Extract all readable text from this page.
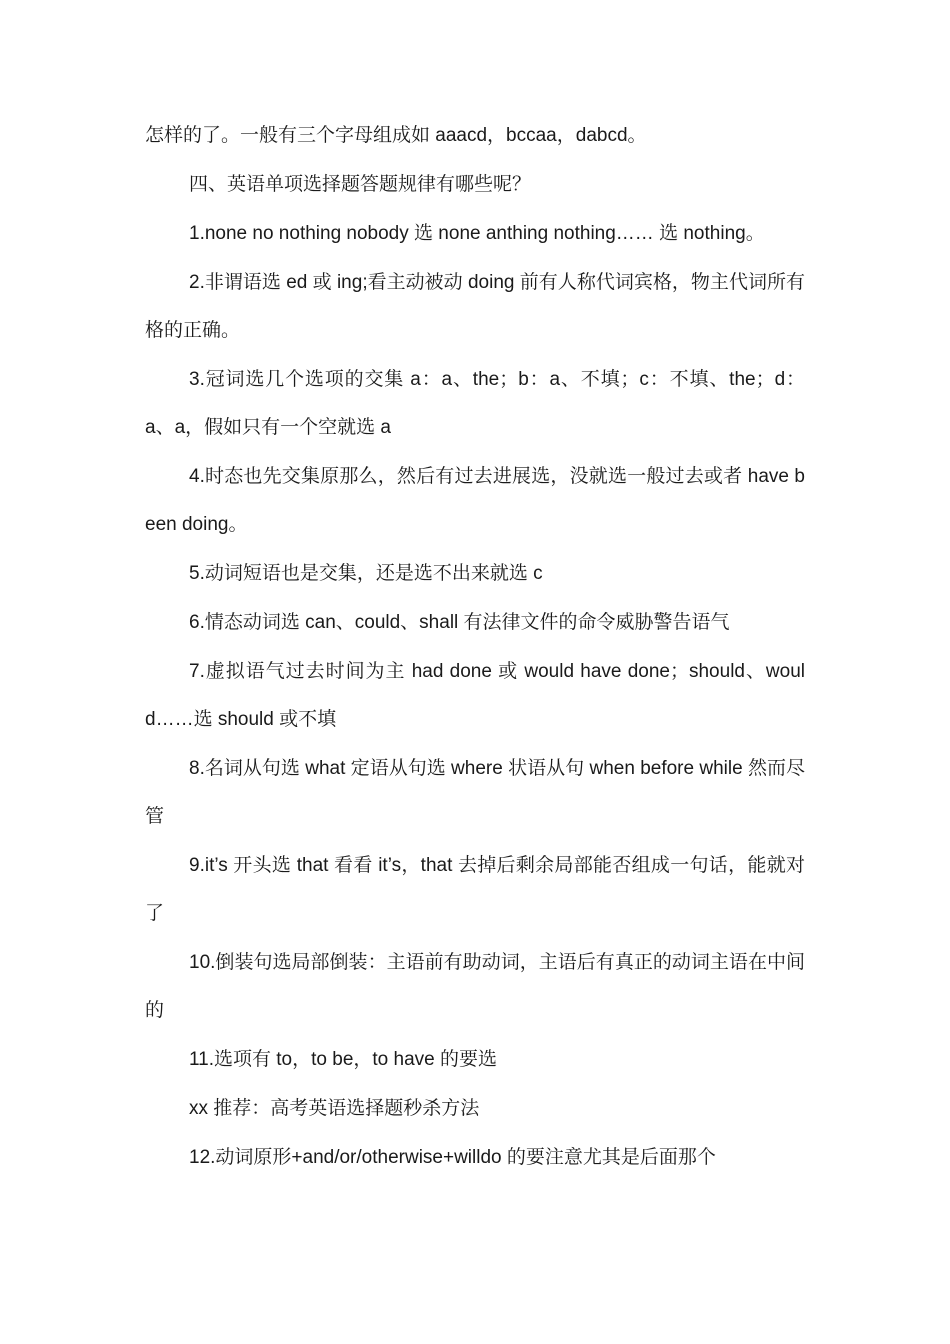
怎样的了。一般有三个字母组成如 aaacd，bccaa，dabcd。

四、英语单项选择题答题规律有哪些呢？

1.none no nothing nobody 选 none anthing nothing…… 选 nothing。

2.非谓语选 ed 或 ing;看主动被动 doing 前有人称代词宾格，物主代词所有格的正确。

3.冠词选几个选项的交集 a：a、the；b：a、不填；c：不填、the；d：a、a，假如只有一个空就选 a

4.时态也先交集原那么，然后有过去进展选，没就选一般过去或者 have been doing。

5.动词短语也是交集，还是选不出来就选 c

6.情态动词选 can、could、shall 有法律文件的命令威胁警告语气

7.虚拟语气过去时间为主 had done 或 would have done；should、would……选 should 或不填

8.名词从句选 what 定语从句选 where 状语从句 when before while 然而尽管

9.it’s 开头选 that 看看 it’s，that 去掉后剩余局部能否组成一句话，能就对了

10.倒装句选局部倒装：主语前有助动词，主语后有真正的动词主语在中间的

11.选项有 to，to be，to have 的要选

xx 推荐：高考英语选择题秒杀方法

12.动词原形+and/or/otherwise+willdo 的要注意尤其是后面那个
